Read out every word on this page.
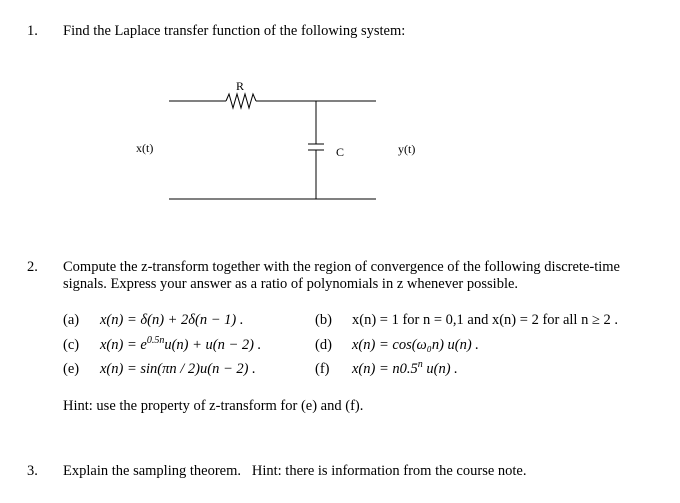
1. Find the Laplace transfer function of the following system:
R
C
x(t)	y(t)
2. Compute the z-transform together with the region of convergence of the following discrete-time
signals. Express your answer as a ratio of polynomials in z whenever possible.
(a) x(n) = δ(n) + 2δ(n − 1) .	(b) x(n) = 1 for n = 0,1 and x(n) = 2 for all n ≥ 2 .
(c) $x(n) = e^{0.5n}u(n) + u(n - 2)$ .	(d) x(n) = cos(ω₀n) u(n) .
(e) x(n) = sin(πn / 2)u(n − 2) .	(f) $x(n) = n0.5^n$ u(n) .
Hint: use the property of z-transform for (e) and (f).
3. Explain the sampling theorem.   Hint: there is information from the course note.
